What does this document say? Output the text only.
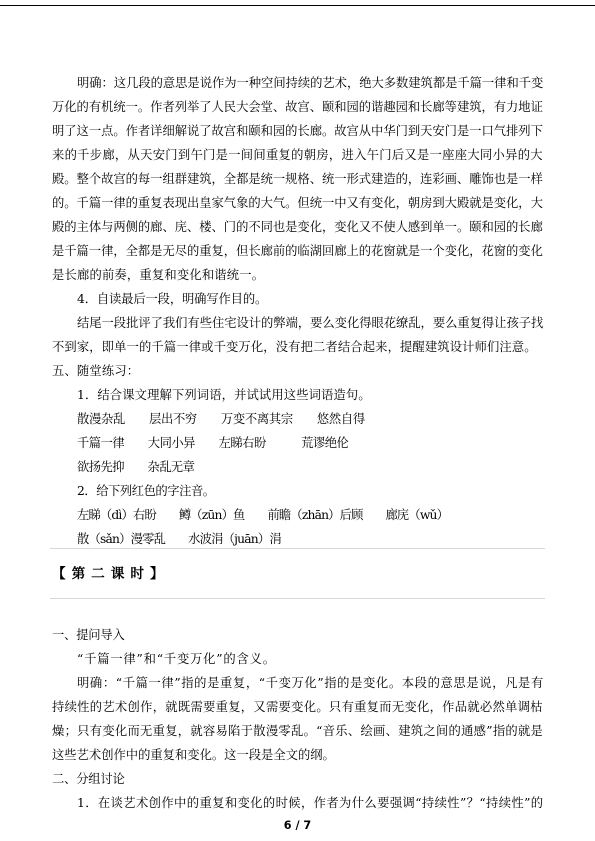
明确：这几段的意思是说作为一种空间持续的艺术，绝大多数建筑都是千篇一律和千变
万化的有机统一。作者列举了人民大会堂、故宫、颐和园的谐趣园和长廊等建筑，有力地证
明了这一点。作者详细解说了故宫和颐和园的长廊。故宫从中华门到天安门是一口气排列下
来的千步廊，从天安门到午门是一间间重复的朝房，进入午门后又是一座座大同小异的大
殿。整个故宫的每一组群建筑，全都是统一规格、统一形式建造的，连彩画、雕饰也是一样
的。千篇一律的重复表现出皇家气象的大气。但统一中又有变化，朝房到大殿就是变化，大
殿的主体与两侧的廊、庑、楼、门的不同也是变化，变化又不使人感到单一。颐和园的长廊
是千篇一律，全都是无尽的重复，但长廊前的临湖回廊上的花窗就是一个变化，花窗的变化
是长廊的前奏，重复和变化和谐统一。
4．自读最后一段，明确写作目的。
结尾一段批评了我们有些住宅设计的弊端，要么变化得眼花缭乱，要么重复得让孩子找
不到家，即单一的千篇一律或千变万化，没有把二者结合起来，提醒建筑设计师们注意。
五、随堂练习：
1．结合课文理解下列词语，并试试用这些词语造句。
散漫杂乱　　层出不穷　　万变不离其宗　　悠然自得
千篇一律　　大同小异　　左睇右盼　　　荒谬绝伦
欲扬先抑　　杂乱无章
2．给下列红色的字注音。
左睇（dì）右盼　　鳟（zūn）鱼　　前瞻（zhān）后顾　　廊庑（wǔ）
散（sǎn）漫零乱　　水波涓（juān）涓
一、提问导入
“千篇一律”和“千变万化”的含义。
明确：“千篇一律”指的是重复，“千变万化”指的是变化。本段的意思是说，凡是有
持续性的艺术创作，就既需要重复，又需要变化。只有重复而无变化，作品就必然单调枯
燥；只有变化而无重复，就容易陷于散漫零乱。“音乐、绘画、建筑之间的通感”指的就是
这些艺术创作中的重复和变化。这一段是全文的纲。
二、分组讨论
1．在谈艺术创作中的重复和变化的时候，作者为什么要强调“持续性”？“持续性”的
【第二课时】
6 / 7
